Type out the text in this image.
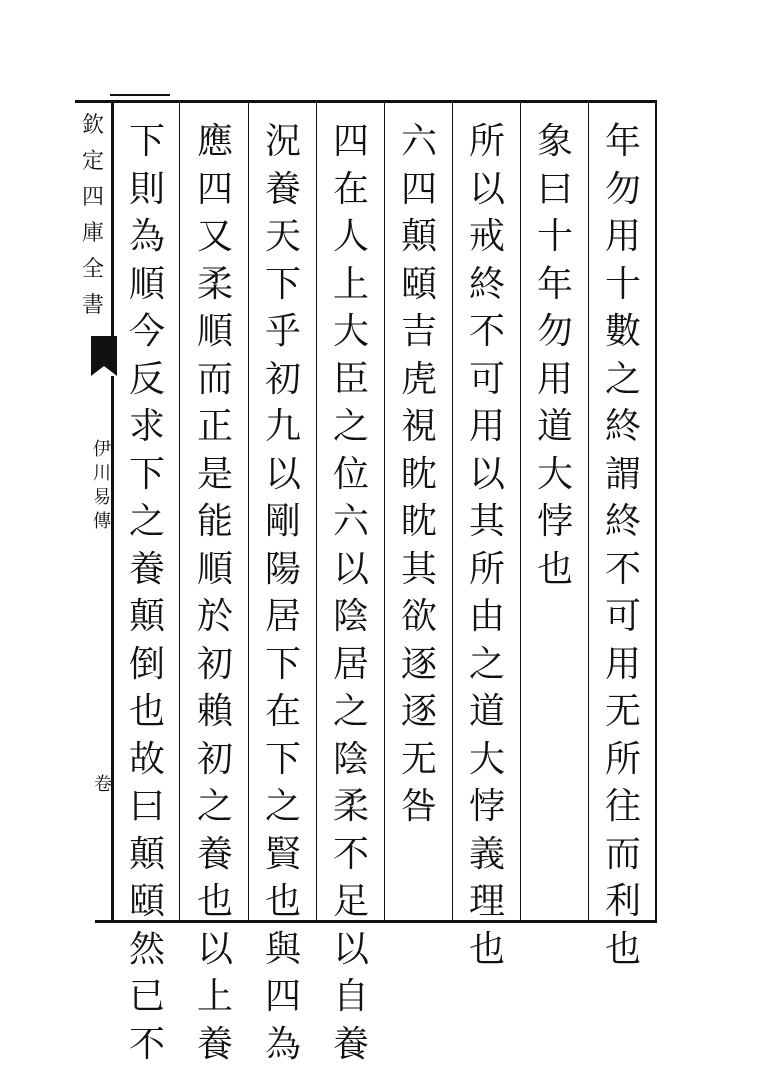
欽
定
四
庫
全
書
伊
川
易
傳
卷
年
勿
用
十
數
之
終
謂
終
不
可
用
无
所
往
而
利
也
象
曰
十
年
勿
用
道
大
悖
也
所
以
戒
終
不
可
用
以
其
所
由
之
道
大
悖
義
理
也
六
四
顛
頤
吉
虎
視
眈
眈
其
欲
逐
逐
无
咎
四
在
人
上
大
臣
之
位
六
以
陰
居
之
陰
柔
不
足
以
自
養
況
養
天
下
乎
初
九
以
剛
陽
居
下
在
下
之
賢
也
與
四
為
應
四
又
柔
順
而
正
是
能
順
於
初
賴
初
之
養
也
以
上
養
下
則
為
順
今
反
求
下
之
養
顛
倒
也
故
曰
顛
頤
然
已
不
